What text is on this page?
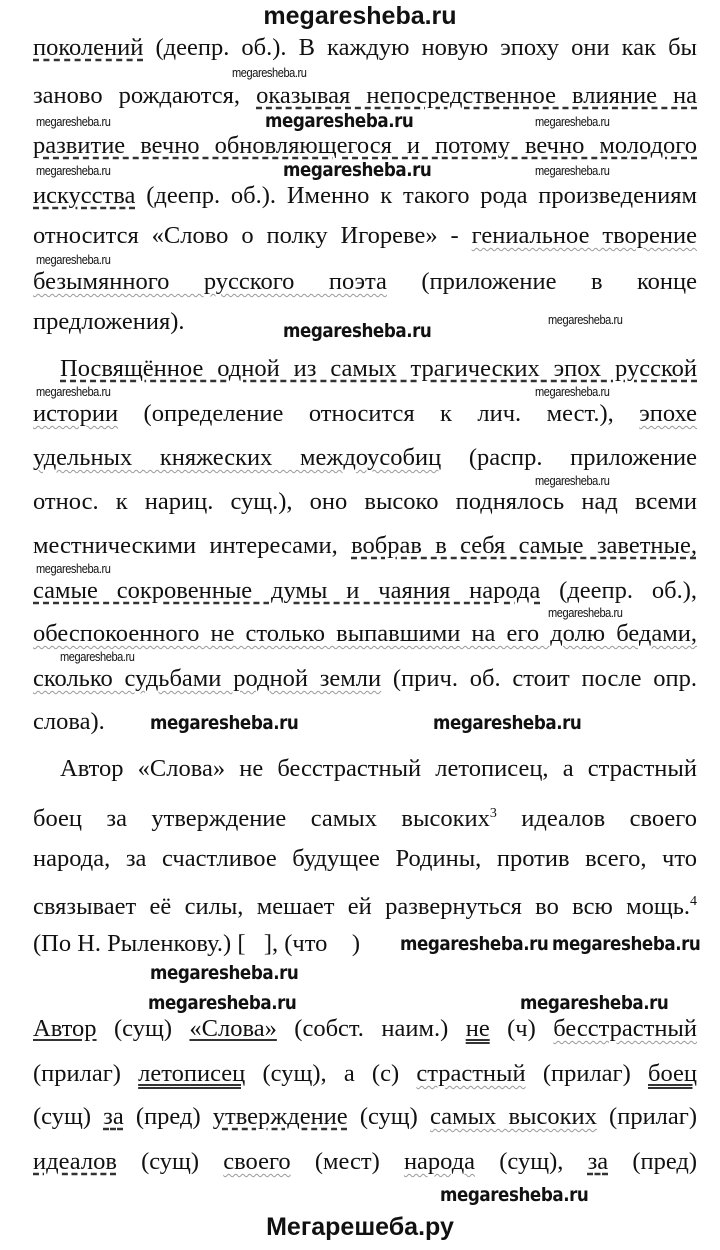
megaresheba.ru
поколений (деепр. об.). В каждую новую эпоху они как бы
заново рождаются, оказывая непосредственное влияние на
развитие вечно обновляющегося и потому вечно молодого
искусства (деепр. об.). Именно к такого рода произведениям
относится «Слово о полку Игореве» - гениальное творение
безымянного русского поэта (приложение в конце
предложения).
Посвящённое одной из самых трагических эпох русской
истории (определение относится к лич. мест.), эпохе
удельных княжеских междоусобиц (распр. приложение
относ. к нариц. сущ.), оно высоко поднялось над всеми
местническими интересами, вобрав в себя самые заветные,
самые сокровенные думы и чаяния народа (деепр. об.),
обеспокоенного не столько выпавшими на его долю бедами,
сколько судьбами родной земли (прич. об. стоит после опр.
слова).
Автор «Слова» не бесстрастный летописец, а страстный
боец за утверждение самых высоких$^3$ идеалов своего
народа, за счастливое будущее Родины, против всего, что
связывает её силы, мешает ей развернуться во всю мощь.$^4$
(По Н. Рыленкову.) [   ], (что    )
Автор (сущ) «Слова» (собст. наим.) не (ч) бесстрастный
(прилаг) летописец (сущ), а (с) страстный (прилаг) боец
(сущ) за (пред) утверждение (сущ) самых высоких (прилаг)
идеалов (сущ) своего (мест) народа (сущ), за (пред)
megaresheba.ru
megaresheba.ru	megaresheba.ru
megaresheba.ru	megaresheba.ru
megaresheba.ru
megaresheba.ru
megaresheba.ru	megaresheba.ru
megaresheba.ru
megaresheba.ru
megaresheba.ru
megaresheba.ru
megaresheba.ru
megaresheba.ru
megaresheba.ru
megaresheba.ru	megaresheba.ru
megaresheba.ru
megaresheba.ru megaresheba.ru
megaresheba.ru
megaresheba.ru
megaresheba.ru
Мегарешеба.ру
